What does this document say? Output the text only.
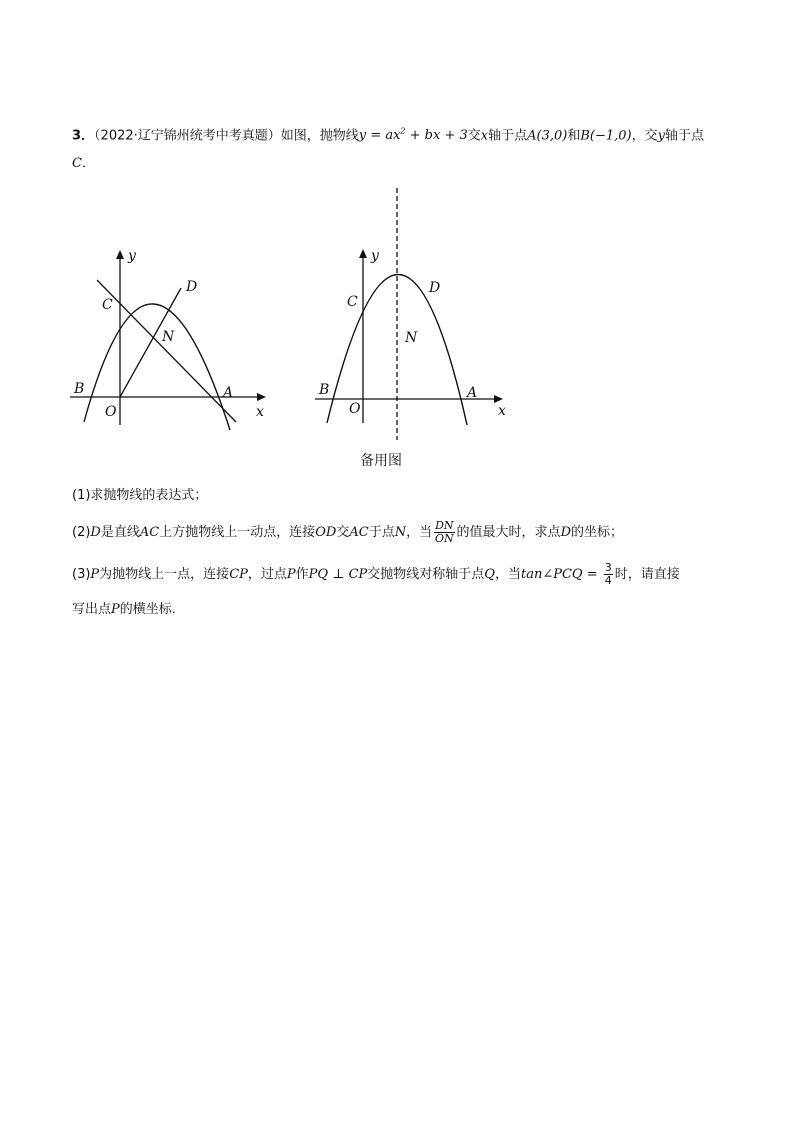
3．（2022·辽宁锦州统考中考真题）如图，抛物线$y = ax^2$ + bx + 3交x轴于点A(3,0)和B(−1,0)，交y轴于点
C．
y
x
O
A
B
C
D
N
y
x
O
A
B
C
D
N
备用图
(1)求抛物线的表达式；
(2)D是直线AC上方抛物线上一动点，连接OD交AC于点N，当 $\frac{DN}{ON}$ 的值最大时，求点D的坐标；
(3)P为抛物线上一点，连接CP，过点P作PQ ⊥ CP交抛物线对称轴于点Q，当tan∠PCQ = $\frac{3}{4}$ 时，请直接
写出点P的横坐标．
